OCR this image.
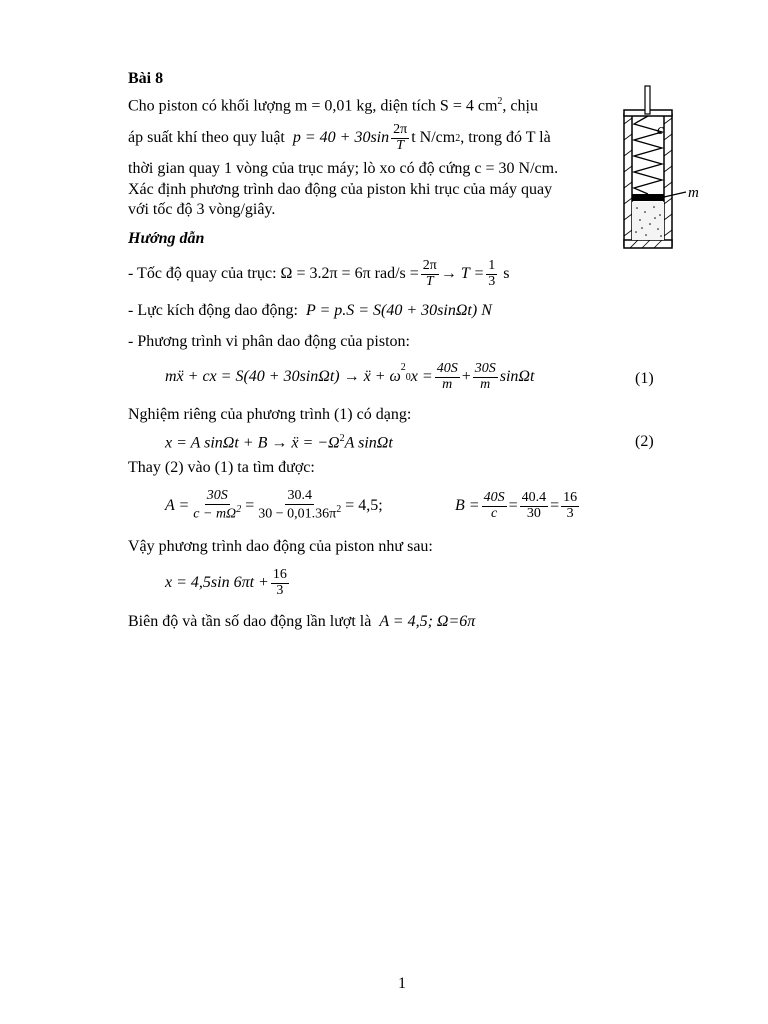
Bài 8
Cho piston có khối lượng m = 0,01 kg, diện tích S = 4 $cm^2$, chịu
áp suất khí theo quy luật
$p = 40 + 30\sin \frac{2\pi}{T}$ t N/cm 2 , trong đó T là
thời gian quay 1 vòng của trục máy; lò xo có độ cứng c = 30 N/cm.
Xác định phương trình dao động của piston khi trục của máy quay
với tốc độ 3 vòng/giây.
c
m
Hướng dẫn
- Tốc độ quay của trục:
Ω = 3.2π = 6π $rad/s = \frac{2\pi}{T} \to T = \frac{1}{3}$
s
- Lực kích động dao động: P = p.S = S(40 + 30sinΩt) N
- Phương trình vi phân dao động của piston:
mẍ + cx = S(40 + 30sinΩt) → ẍ + ω
20 $x = \frac{40S}{m} + \frac{30S}{m}$ sinΩt	(1)
Nghiệm riêng của phương trình (1) có dạng:
x = A sinΩt + B → ẍ = $-\Omega^2A$ sinΩt	(2)
Thay (2) vào (1) ta tìm được:
$A = \frac{30S}{c - m\Omega^2} = \frac{30.4}{30 - 0,01.36\pi^2} = 4,5$;	$B = \frac{40S}{c} = \frac{40.4}{30} = \frac{16}{3}$
Vậy phương trình dao động của piston như sau:
x = 4,5sin $6\pi t + \frac{16}{3}$
Biên độ và tần số dao động lần lượt là A = 4,5; Ω=6π
1
